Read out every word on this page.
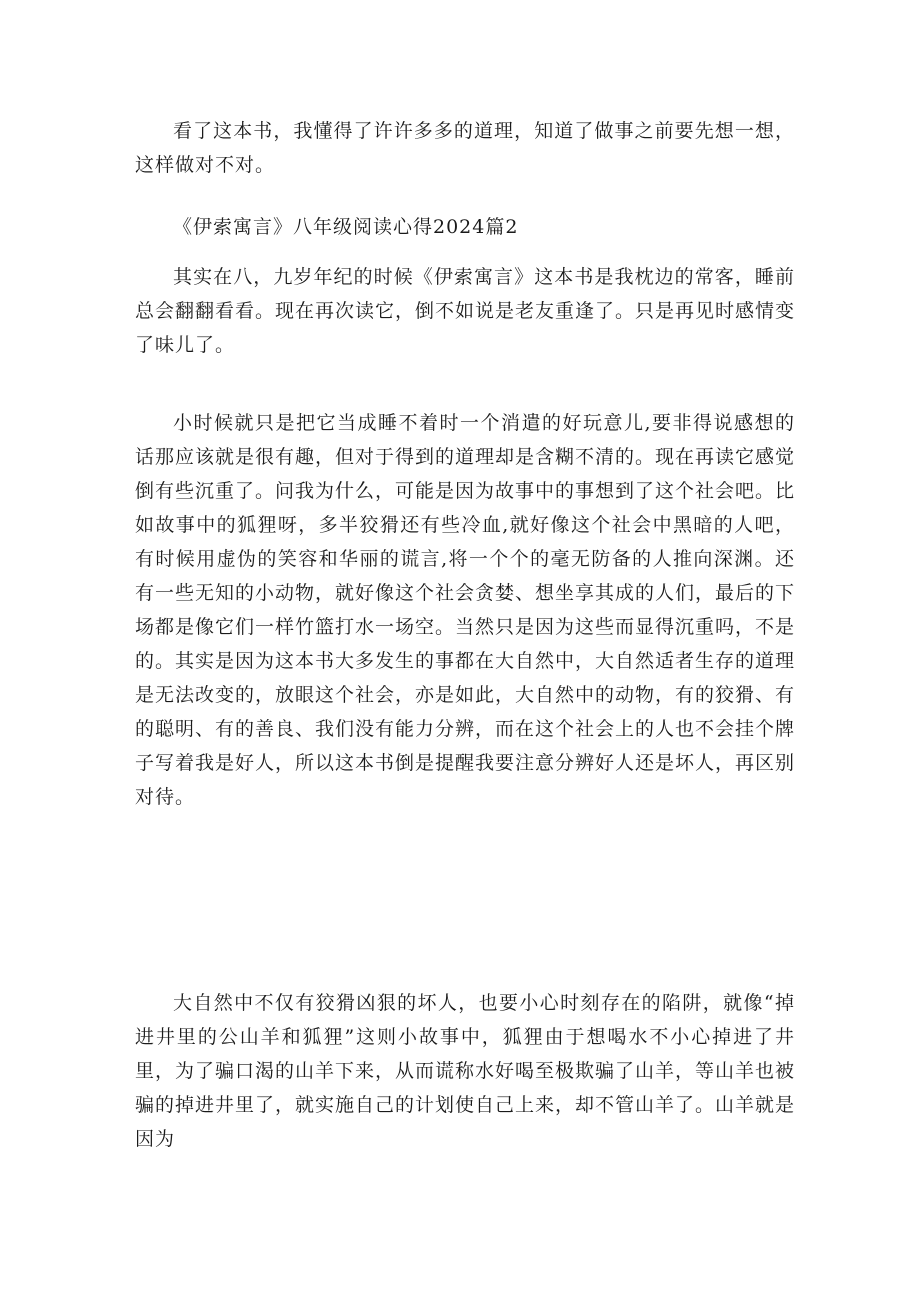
看了这本书，我懂得了许许多多的道理，知道了做事之前要先想一想，这样做对不对。

《伊索寓言》八年级阅读心得2024篇2

其实在八，九岁年纪的时候《伊索寓言》这本书是我枕边的常客，睡前总会翻翻看看。现在再次读它，倒不如说是老友重逢了。只是再见时感情变了味儿了。

小时候就只是把它当成睡不着时一个消遣的好玩意儿,要非得说感想的话那应该就是很有趣，但对于得到的道理却是含糊不清的。现在再读它感觉倒有些沉重了。问我为什么，可能是因为故事中的事想到了这个社会吧。比如故事中的狐狸呀，多半狡猾还有些冷血,就好像这个社会中黑暗的人吧，有时候用虚伪的笑容和华丽的谎言,将一个个的毫无防备的人推向深渊。还有一些无知的小动物，就好像这个社会贪婪、想坐享其成的人们，最后的下场都是像它们一样竹篮打水一场空。当然只是因为这些而显得沉重吗，不是的。其实是因为这本书大多发生的事都在大自然中，大自然适者生存的道理是无法改变的，放眼这个社会，亦是如此，大自然中的动物，有的狡猾、有的聪明、有的善良、我们没有能力分辨，而在这个社会上的人也不会挂个牌子写着我是好人，所以这本书倒是提醒我要注意分辨好人还是坏人，再区别对待。

大自然中不仅有狡猾凶狠的坏人，也要小心时刻存在的陷阱，就像“掉进井里的公山羊和狐狸”这则小故事中，狐狸由于想喝水不小心掉进了井里，为了骗口渴的山羊下来，从而谎称水好喝至极欺骗了山羊，等山羊也被骗的掉进井里了，就实施自己的计划使自己上来，却不管山羊了。山羊就是因为
